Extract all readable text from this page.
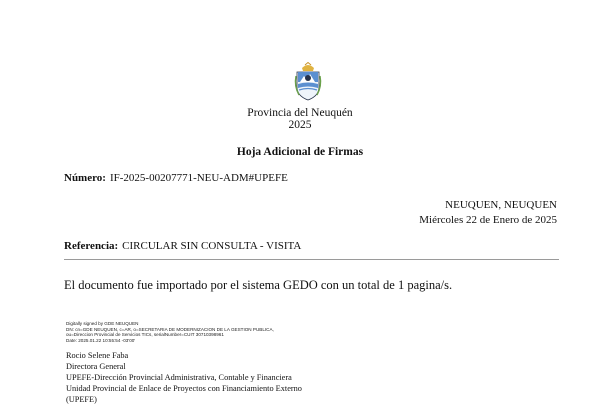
Provincia del Neuquén
2025
Hoja Adicional de Firmas
Número: IF-2025-00207771-NEU-ADM#UPEFE
NEUQUEN, NEUQUEN
Miércoles 22 de Enero de 2025
Referencia: CIRCULAR SIN CONSULTA - VISITA
El documento fue importado por el sistema GEDO con un total de 1 pagina/s.
Digitally signed by GDE NEUQUEN
DN: cn=GDE NEUQUEN, c=AR, o=SECRETARIA DE MODERNIZACION DE LA GESTION PUBLICA,
ou=Direccion Provincial de Servicios TICs, serialNumber=CUIT 30710398961
Date: 2025.01.22 10:55:54 -03'00'
Rocio Selene Faba
Directora General
UPEFE-Dirección Provincial Administrativa, Contable y Financiera
Unidad Provincial de Enlace de Proyectos con Financiamiento Externo
(UPEFE)
